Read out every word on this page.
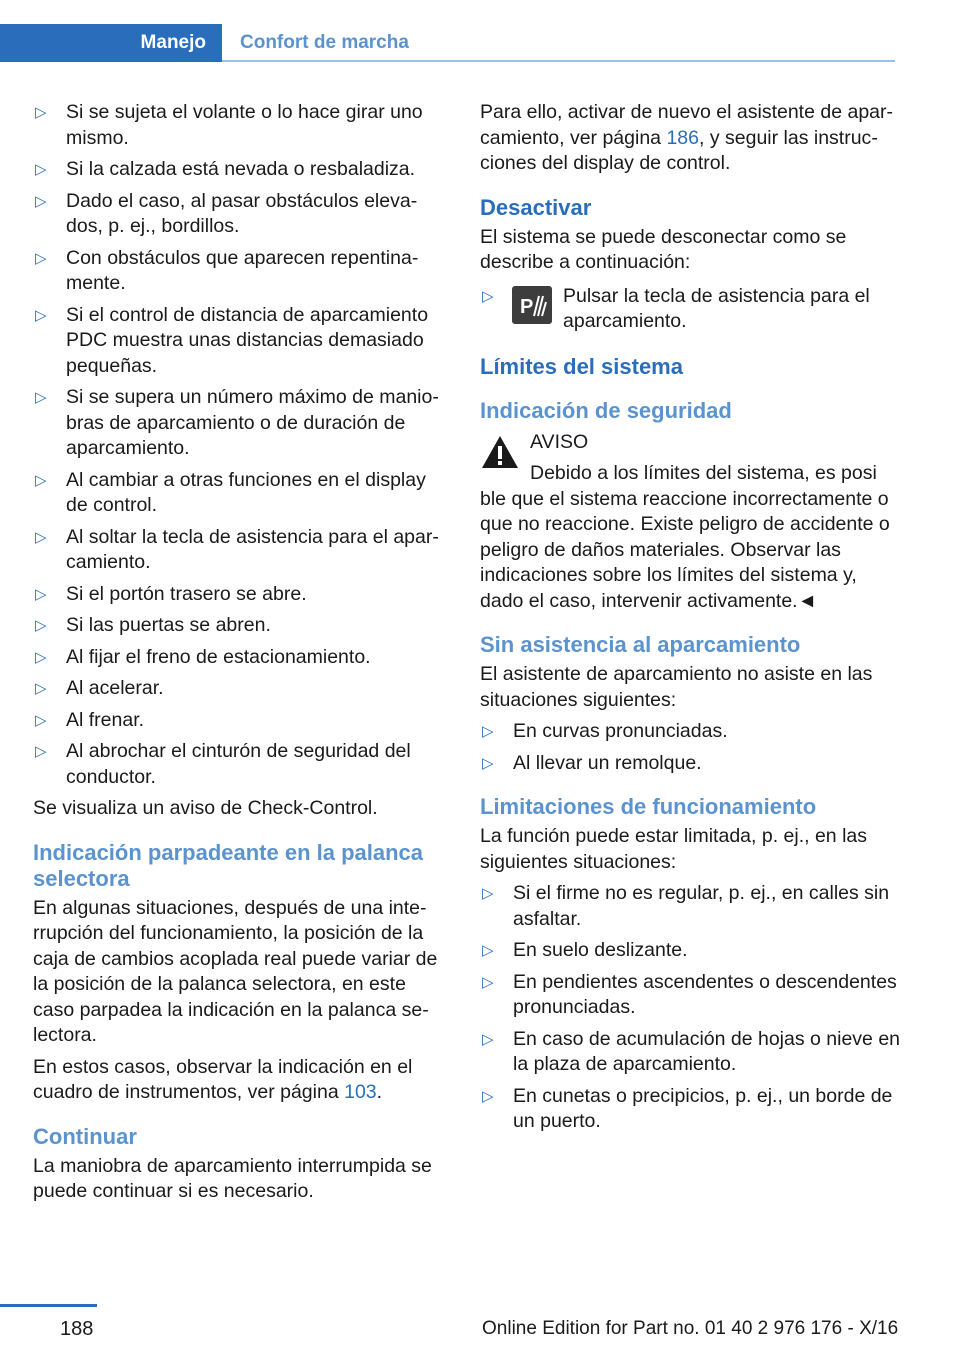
Manejo	Confort de marcha
▷ Si se sujeta el volante o lo hace girar uno mismo.
▷ Si la calzada está nevada o resbaladiza.
▷ Dado el caso, al pasar obstáculos elevados, p. ej., bordillos.
▷ Con obstáculos que aparecen repentinamente.
▷ Si el control de distancia de aparcamiento PDC muestra unas distancias demasiado pequeñas.
▷ Si se supera un número máximo de maniobras de aparcamiento o de duración de aparcamiento.
▷ Al cambiar a otras funciones en el display de control.
▷ Al soltar la tecla de asistencia para el aparcamiento.
▷ Si el portón trasero se abre.
▷ Si las puertas se abren.
▷ Al fijar el freno de estacionamiento.
▷ Al acelerar.
▷ Al frenar.
▷ Al abrochar el cinturón de seguridad del conductor.

Se visualiza un aviso de Check-Control.

Indicación parpadeante en la palanca selectora

En algunas situaciones, después de una interrupción del funcionamiento, la posición de la caja de cambios acoplada real puede variar de la posición de la palanca selectora, en este caso parpadea la indicación en la palanca selectora.

En estos casos, observar la indicación en el cuadro de instrumentos, ver página 103.

Continuar

La maniobra de aparcamiento interrumpida se puede continuar si es necesario.

Para ello, activar de nuevo el asistente de aparcamiento, ver página 186, y seguir las instrucciones del display de control.

Desactivar

El sistema se puede desconectar como se describe a continuación:

▷ P	Pulsar la tecla de asistencia para el aparcamiento.
Límites del sistema
Indicación de seguridad
AVISO
Debido a los límites del sistema, es posi

ble que el sistema reaccione incorrectamente o que no reaccione. Existe peligro de accidente o peligro de daños materiales. Observar las indicaciones sobre los límites del sistema y, dado el caso, intervenir activamente.◄

Sin asistencia al aparcamiento

El asistente de aparcamiento no asiste en las situaciones siguientes:

▷ En curvas pronunciadas.
▷ Al llevar un remolque.
Limitaciones de funcionamiento

La función puede estar limitada, p. ej., en las siguientes situaciones:

▷ Si el firme no es regular, p. ej., en calles sin asfaltar.
▷ En suelo deslizante.
▷ En pendientes ascendentes o descendentes pronunciadas.
▷ En caso de acumulación de hojas o nieve en la plaza de aparcamiento.
▷ En cunetas o precipicios, p. ej., un borde de un puerto.
188	Online Edition for Part no. 01 40 2 976 176 - X/16
